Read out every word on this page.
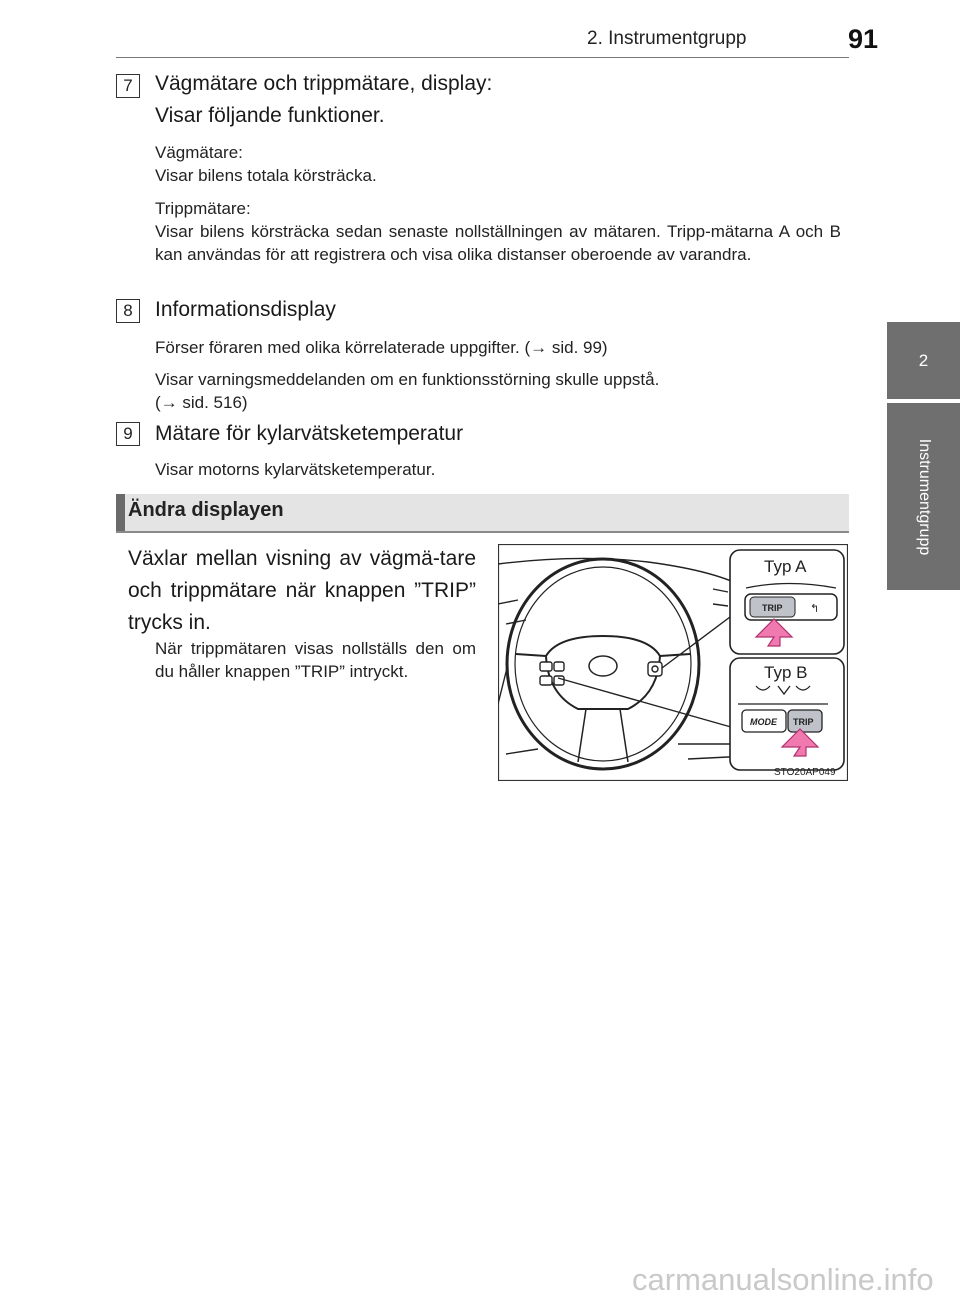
2. Instrumentgrupp	91
2
Instrumentgrupp
7	Vägmätare och trippmätare, display:
Visar följande funktioner.
Vägmätare:
Visar bilens totala körsträcka.
Trippmätare:
Visar bilens körsträcka sedan senaste nollställningen av mätaren. Tripp-mätarna A och B kan användas för att registrera och visa olika distanser oberoende av varandra.
8	Informationsdisplay
Förser föraren med olika körrelaterade uppgifter. (→ sid. 99)
Visar varningsmeddelanden om en funktionsstörning skulle uppstå.
(→ sid. 516)
9	Mätare för kylarvätsketemperatur
Visar motorns kylarvätsketemperatur.
Ändra displayen
Växlar mellan visning av vägmä-tare och trippmätare när knappen ”TRIP” trycks in.
När trippmätaren visas nollställs den om du håller knappen ”TRIP” intryckt.
Typ A
TRIP ↰
Typ B
MODE TRIP
STO20AP049
carmanualsonline.info
